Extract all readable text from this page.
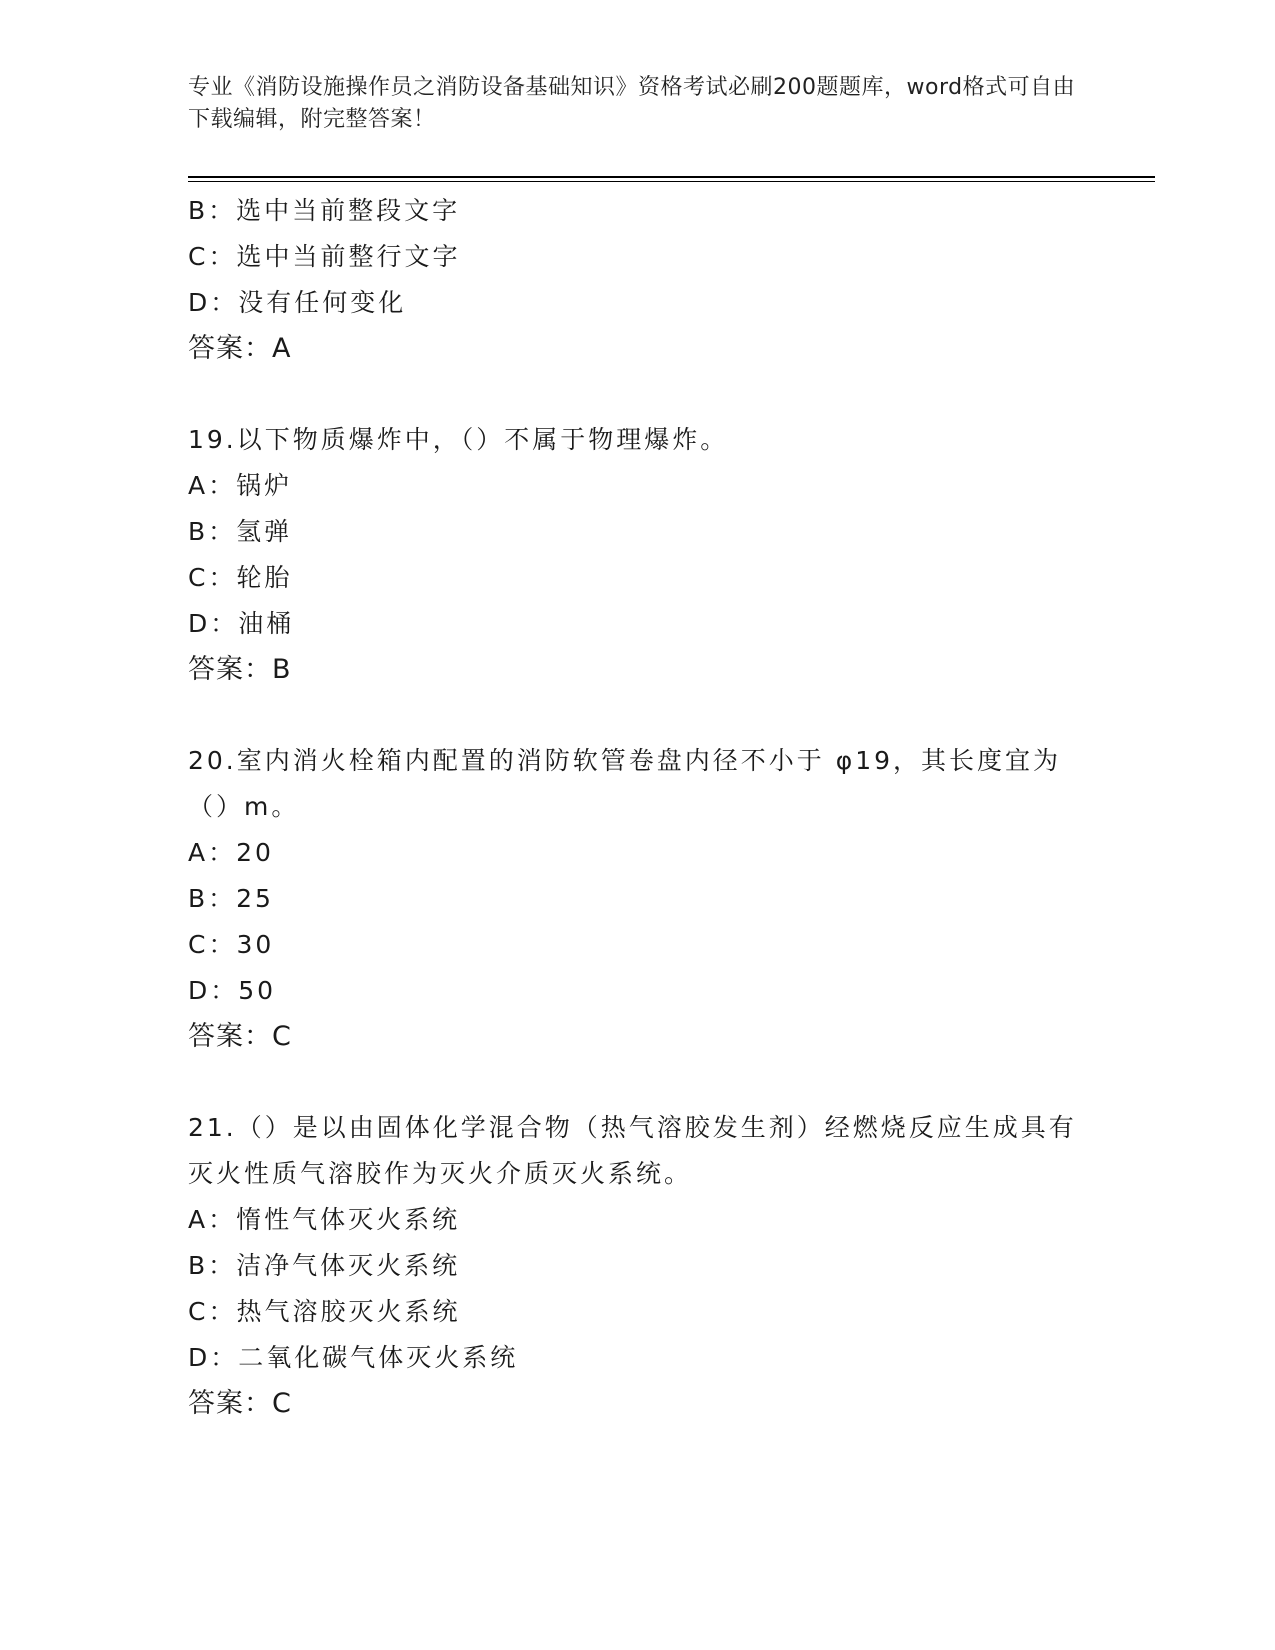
专业《消防设施操作员之消防设备基础知识》资格考试必刷200题题库，word格式可自由下载编辑，附完整答案！
B：选中当前整段文字
C：选中当前整行文字
D：没有任何变化
答案：A
19.以下物质爆炸中，（）不属于物理爆炸。
A：锅炉
B：氢弹
C：轮胎
D：油桶
答案：B
20.室内消火栓箱内配置的消防软管卷盘内径不小于 φ19，其长度宜为（）m。
A：20
B：25
C：30
D：50
答案：C
21.（）是以由固体化学混合物（热气溶胶发生剂）经燃烧反应生成具有灭火性质气溶胶作为灭火介质灭火系统。
A：惰性气体灭火系统
B：洁净气体灭火系统
C：热气溶胶灭火系统
D：二氧化碳气体灭火系统
答案：C
